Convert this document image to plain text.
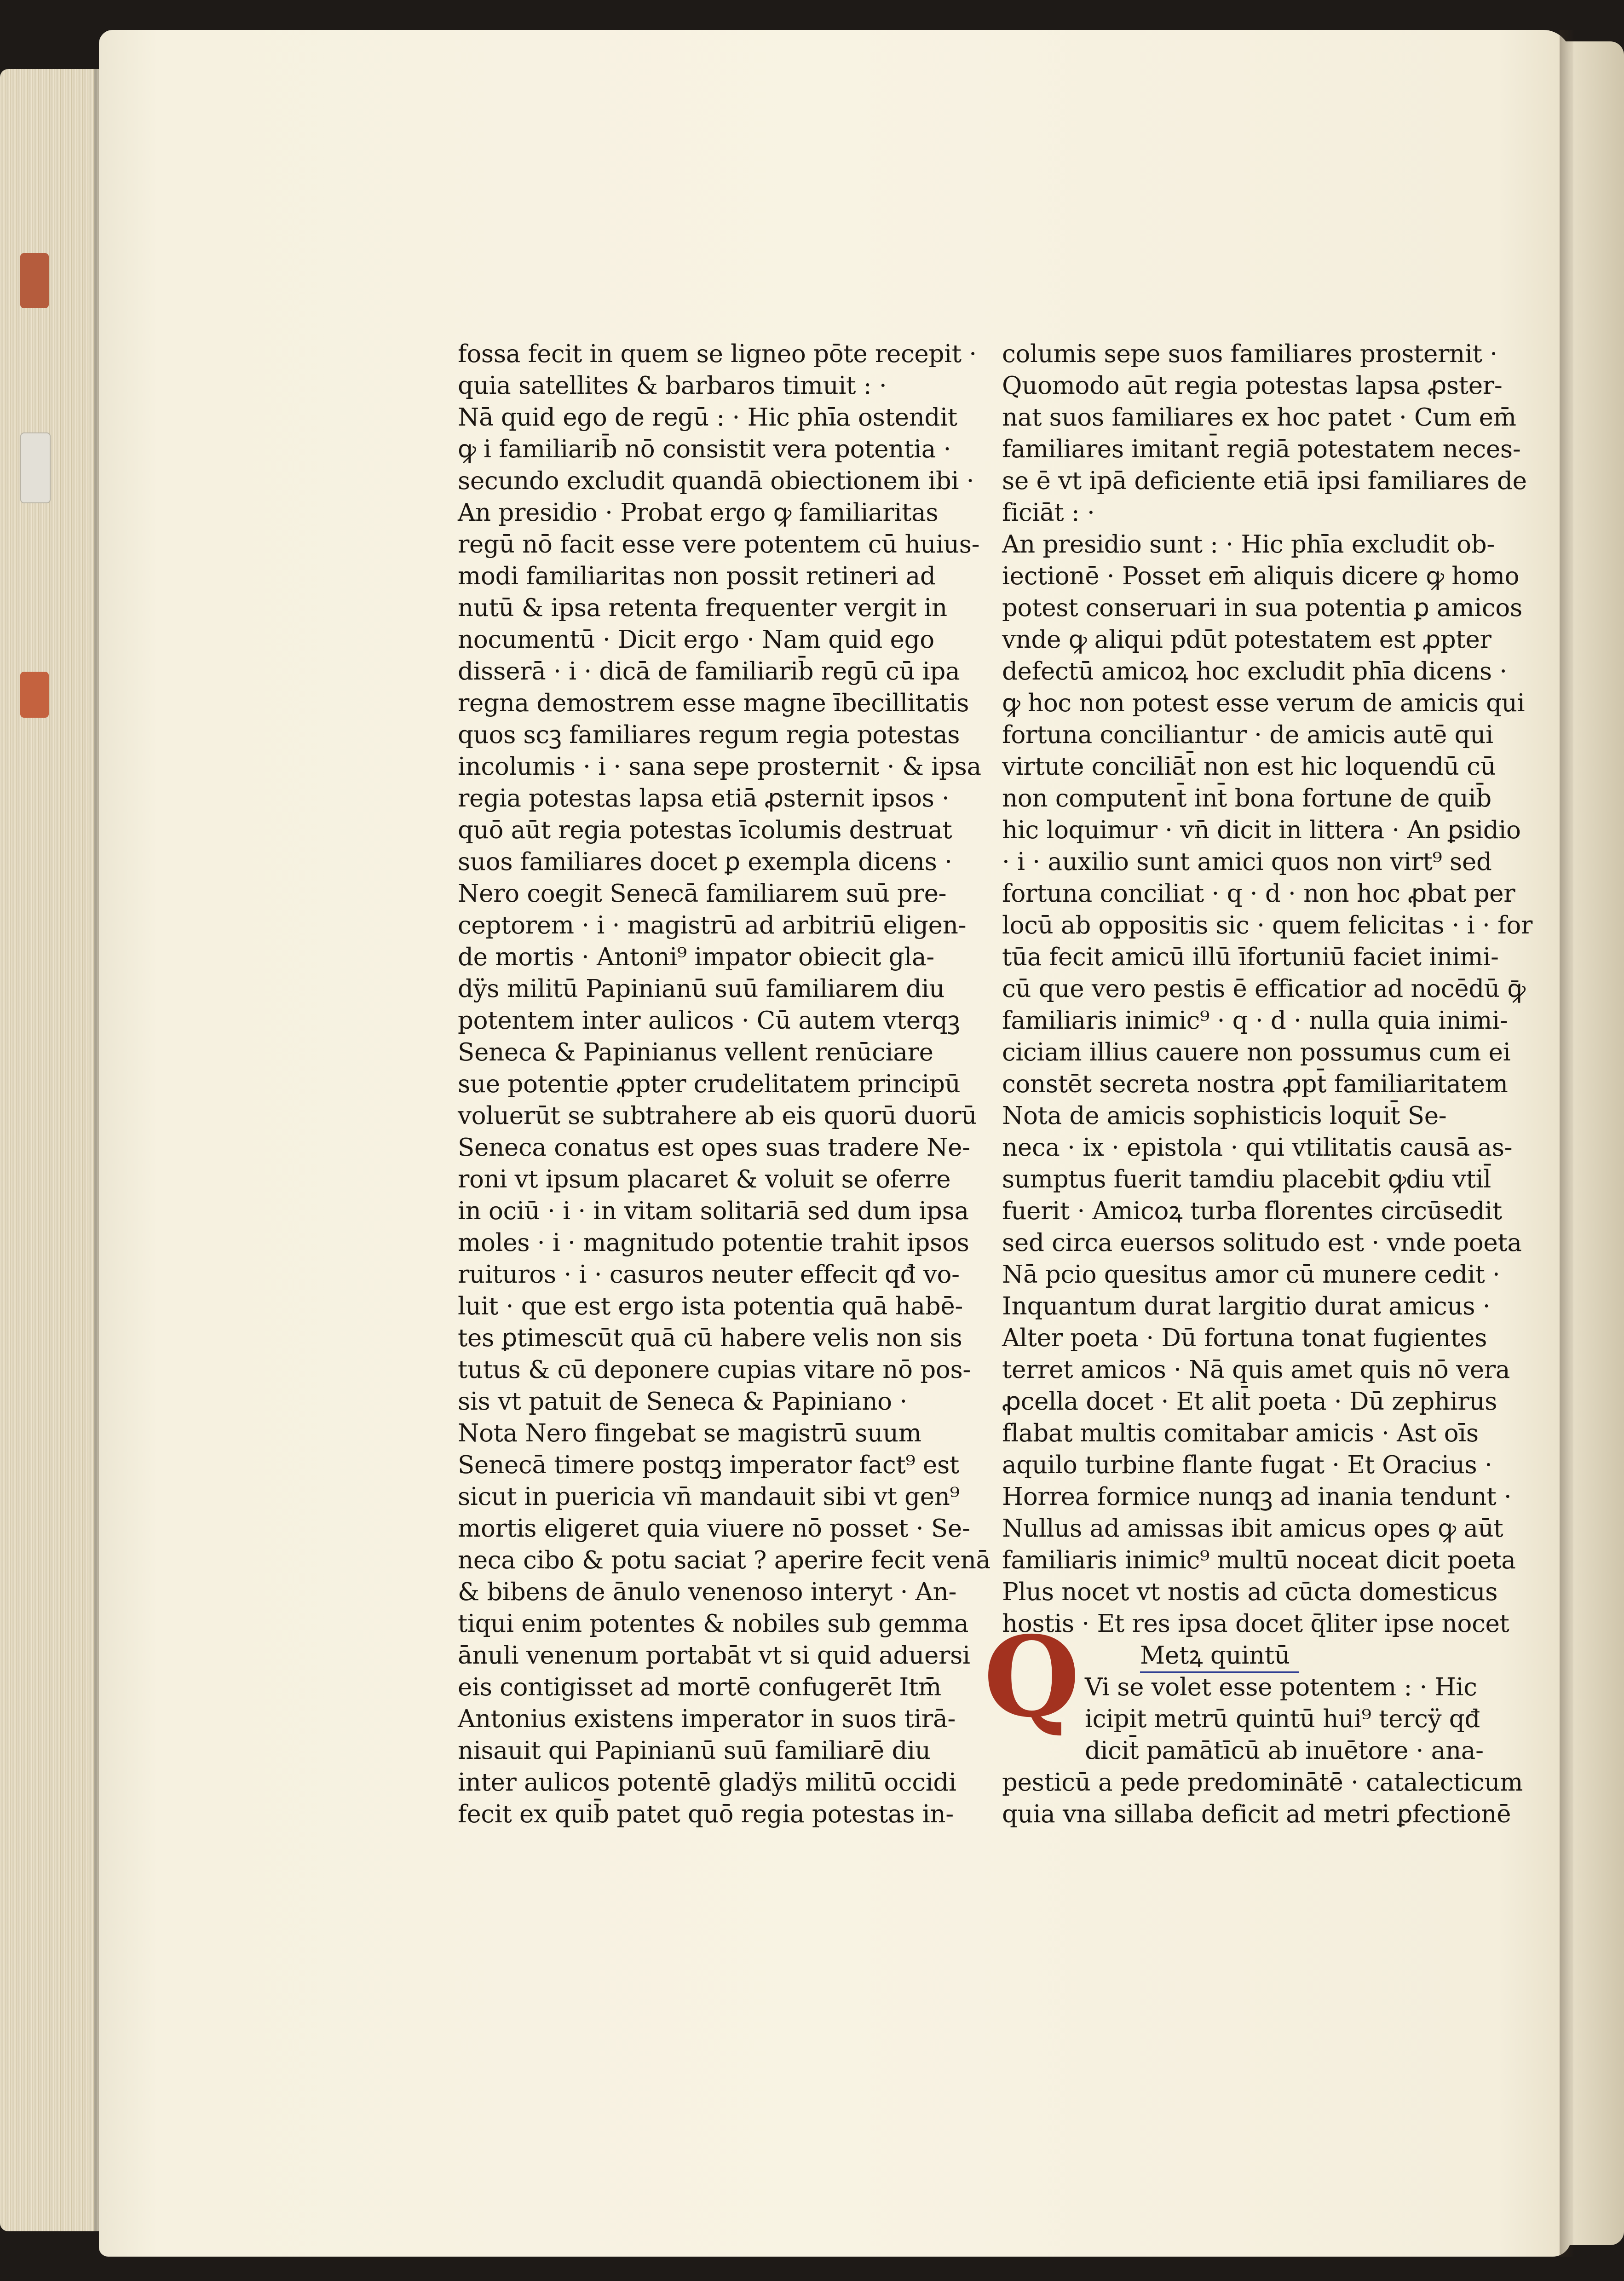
fossa fecit in quem se ligneo pōte recepit ·
quia satellites & barbaros timuit : ·
Nā quid ego de regū : · Hic phīa ostendit
ꝙ i familiarib̄ nō consistit vera potentia ·
secundo excludit quandā obiectionem ibi ·
An presidio · Probat ergo ꝙ familiaritas
regū nō facit esse vere potentem cū huius-
modi familiaritas non possit retineri ad
nutū & ipsa retenta frequenter vergit in
nocumentū · Dicit ergo · Nam quid ego
disserā · i · dicā de familiarib̄ regū cū ipa
regna demostrem esse magne ībecillitatis
quos scꝫ familiares regum regia potestas
incolumis · i · sana sepe prosternit · & ipsa
regia potestas lapsa etiā ꝓsternit ipsos ·
quō aūt regia potestas īcolumis destruat
suos familiares docet ꝑ exempla dicens ·
Nero coegit Senecā familiarem suū pre-
ceptorem · i · magistrū ad arbitriū eligen-
de mortis · Antoni⁹ impator obiecit gla-
dÿs militū Papinianū suū familiarem diu
potentem inter aulicos · Cū autem vterqꝫ
Seneca & Papinianus vellent renūciare
sue potentie ꝓpter crudelitatem principū
voluerūt se subtrahere ab eis quorū duorū
Seneca conatus est opes suas tradere Ne-
roni vt ipsum placaret & voluit se oferre
in ociū · i · in vitam solitariā sed dum ipsa
moles · i · magnitudo potentie trahit ipsos
ruituros · i · casuros neuter effecit qđ vo-
luit · que est ergo ista potentia quā habē-
tes ꝑtimescūt quā cū habere velis non sis
tutus & cū deponere cupias vitare nō pos-
sis vt patuit de Seneca & Papiniano ·
Nota Nero fingebat se magistrū suum
Senecā timere postqꝫ imperator fact⁹ est
sicut in puericia vn̄ mandauit sibi vt gen⁹
mortis eligeret quia viuere nō posset · Se-
neca cibo & potu saciat ? aperire fecit venā
& bibens de ānulo venenoso interyt · An-
tiqui enim potentes & nobiles sub gemma
ānuli venenum portabāt vt si quid aduersi
eis contigisset ad mortē confugerēt Itm̄
Antonius existens imperator in suos tirā-
nisauit qui Papinianū suū familiarē diu
inter aulicos potentē gladÿs militū occidi
fecit ex quib̄ patet quō regia potestas in-
columis sepe suos familiares prosternit ·
Quomodo aūt regia potestas lapsa ꝓster-
nat suos familiares ex hoc patet · Cum em̄
familiares imitant̄ regiā potestatem neces-
se ē vt ipā deficiente etiā ipsi familiares de
ficiāt : ·
An presidio sunt : · Hic phīa excludit ob-
iectionē · Posset em̄ aliquis dicere ꝙ homo
potest conseruari in sua potentia ꝑ amicos
vnde ꝙ aliqui pdūt potestatem est ꝓpter
defectū amicoꝝ hoc excludit phīa dicens ·
ꝙ hoc non potest esse verum de amicis qui
fortuna conciliantur · de amicis autē qui
virtute conciliāt̄ non est hic loquendū cū
non computent̄ int̄ bona fortune de quib̄
hic loquimur · vn̄ dicit in littera · An ꝑsidio
· i · auxilio sunt amici quos non virt⁹ sed
fortuna conciliat · q · d · non hoc ꝓbat per
locū ab oppositis sic · quem felicitas · i · for
tūa fecit amicū illū īfortuniū faciet inimi-
cū que vero pestis ē efficatior ad nocēdū ꝙ̄
familiaris inimic⁹ · q · d · nulla quia inimi-
ciciam illius cauere non possumus cum ei
constēt secreta nostra ꝓpt̄ familiaritatem
Nota de amicis sophisticis loquit̄ Se-
neca · ix · epistola · qui vtilitatis causā as-
sumptus fuerit tamdiu placebit ꝙdiu vtil̄
fuerit · Amicoꝝ turba florentes circūsedit
sed circa euersos solitudo est · vnde poeta
Nā pcio quesitus amor cū munere cedit ·
Inquantum durat largitio durat amicus ·
Alter poeta · Dū fortuna tonat fugientes
terret amicos · Nā quis amet quis nō vera
ꝓcella docet · Et alit̄ poeta · Dū zephirus
flabat multis comitabar amicis · Ast oīs
aquilo turbine flante fugat · Et Oracius ·
Horrea formice nunqꝫ ad inania tendunt ·
Nullus ad amissas ibit amicus opes ꝙ aūt
familiaris inimic⁹ multū noceat dicit poeta
Plus nocet vt nostis ad cūcta domesticus
hostis · Et res ipsa docet q̄liter ipse nocet
Metꝝ quintū
Vi se volet esse potentem : · Hic
icipit metrū quintū hui⁹ tercÿ qđ
dicit̄ pamātīcū ab inuētore · ana-
pesticū a pede predominātē · catalecticum
quia vna sillaba deficit ad metri ꝑfectionē
Q
